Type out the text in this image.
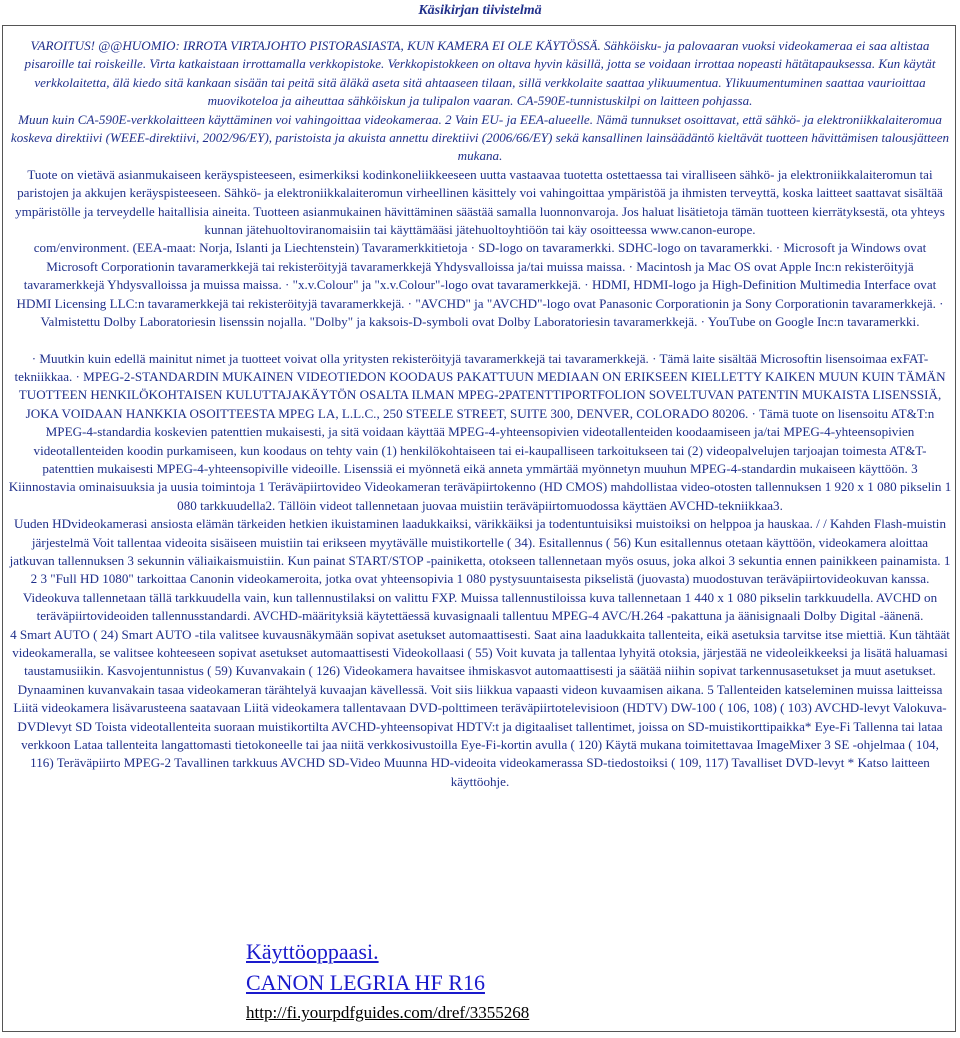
Käsikirjan tiivistelmä

VAROITUS! @@HUOMIO: IRROTA VIRTAJOHTO PISTORASIASTA, KUN KAMERA EI OLE KÄYTÖSSÄ. Sähköisku- ja palovaaran vuoksi videokameraa ei saa altistaa pisaroille tai roiskeille. Virta katkaistaan irrottamalla verkkopistoke. Verkkopistokkeen on oltava hyvin käsillä, jotta se voidaan irrottaa nopeasti hätätapauksessa. Kun käytät verkkolaitetta, älä kiedo sitä kankaan sisään tai peitä sitä äläkä aseta sitä ahtaaseen tilaan, sillä verkkolaite saattaa ylikuumentua. Ylikuumentuminen saattaa vaurioittaa muovikoteloa ja aiheuttaa sähköiskun ja tulipalon vaaran. CA-590E-tunnistuskilpi on laitteen pohjassa.

Muun kuin CA-590E-verkkolaitteen käyttäminen voi vahingoittaa videokameraa. 2 Vain EU- ja EEA-alueelle. Nämä tunnukset osoittavat, että sähkö- ja elektroniikkalaiteromua koskeva direktiivi (WEEE-direktiivi, 2002/96/EY), paristoista ja akuista annettu direktiivi (2006/66/EY) sekä kansallinen lainsäädäntö kieltävät tuotteen hävittämisen talousjätteen mukana.

Tuote on vietävä asianmukaiseen keräyspisteeseen, esimerkiksi kodinkoneliikkeeseen uutta vastaavaa tuotetta ostettaessa tai viralliseen sähkö- ja elektroniikkalaiteromun tai paristojen ja akkujen keräyspisteeseen. Sähkö- ja elektroniikkalaiteromun virheellinen käsittely voi vahingoittaa ympäristöä ja ihmisten terveyttä, koska laitteet saattavat sisältää ympäristölle ja terveydelle haitallisia aineita. Tuotteen asianmukainen hävittäminen säästää samalla luonnonvaroja. Jos haluat lisätietoja tämän tuotteen kierrätyksestä, ota yhteys kunnan jätehuoltoviranomaisiin tai käyttämääsi jätehuoltoyhtiöön tai käy osoitteessa www.canon-europe.

com/environment. (EEA-maat: Norja, Islanti ja Liechtenstein) Tavaramerkkitietoja · SD-logo on tavaramerkki. SDHC-logo on tavaramerkki. · Microsoft ja Windows ovat Microsoft Corporationin tavaramerkkejä tai rekisteröityjä tavaramerkkejä Yhdysvalloissa ja/tai muissa maissa. · Macintosh ja Mac OS ovat Apple Inc:n rekisteröityjä tavaramerkkejä Yhdysvalloissa ja muissa maissa. · "x.v.Colour" ja "x.v.Colour"-logo ovat tavaramerkkejä. · HDMI, HDMI-logo ja High-Definition Multimedia Interface ovat HDMI Licensing LLC:n tavaramerkkejä tai rekisteröityjä tavaramerkkejä. · "AVCHD" ja "AVCHD"-logo ovat Panasonic Corporationin ja Sony Corporationin tavaramerkkejä. · Valmistettu Dolby Laboratoriesin lisenssin nojalla. "Dolby" ja kaksois-D-symboli ovat Dolby Laboratoriesin tavaramerkkejä. · YouTube on Google Inc:n tavaramerkki.

· Muutkin kuin edellä mainitut nimet ja tuotteet voivat olla yritysten rekisteröityjä tavaramerkkejä tai tavaramerkkejä. · Tämä laite sisältää Microsoftin lisensoimaa exFAT-tekniikkaa. · MPEG-2-STANDARDIN MUKAINEN VIDEOTIEDON KOODAUS PAKATTUUN MEDIAAN ON ERIKSEEN KIELLETTY KAIKEN MUUN KUIN TÄMÄN TUOTTEEN HENKILÖKOHTAISEN KULUTTAJAKÄYTÖN OSALTA ILMAN MPEG-2PATENTTIPORTFOLION SOVELTUVAN PATENTIN MUKAISTA LISENSSIÄ, JOKA VOIDAAN HANKKIA OSOITTEESTA MPEG LA, L.L.C., 250 STEELE STREET, SUITE 300, DENVER, COLORADO 80206. · Tämä tuote on lisensoitu AT&T:n MPEG-4-standardia koskevien patenttien mukaisesti, ja sitä voidaan käyttää MPEG-4-yhteensopivien videotallenteiden koodaamiseen ja/tai MPEG-4-yhteensopivien videotallenteiden koodin purkamiseen, kun koodaus on tehty vain (1) henkilökohtaiseen tai ei-kaupalliseen tarkoitukseen tai (2) videopalvelujen tarjoajan toimesta AT&T-patenttien mukaisesti MPEG-4-yhteensopiville videoille. Lisenssiä ei myönnetä eikä anneta ymmärtää myönnetyn muuhun MPEG-4-standardin mukaiseen käyttöön. 3 Kiinnostavia ominaisuuksia ja uusia toimintoja 1 Teräväpiirtovideo Videokameran teräväpiirtokenno (HD CMOS) mahdollistaa video-otosten tallennuksen 1 920 x 1 080 pikselin 1 080 tarkkuudella2. Tällöin videot tallennetaan juovaa muistiin teräväpiirtomuodossa käyttäen AVCHD-tekniikkaa3.

Uuden HDvideokamerasi ansiosta elämän tärkeiden hetkien ikuistaminen laadukkaiksi, värikkäiksi ja todentuntuisiksi muistoiksi on helppoa ja hauskaa. / / Kahden Flash-muistin järjestelmä Voit tallentaa videoita sisäiseen muistiin tai erikseen myytävälle muistikortelle ( 34). Esitallennus ( 56) Kun esitallennus otetaan käyttöön, videokamera aloittaa jatkuvan tallennuksen 3 sekunnin väliaikaismuistiin. Kun painat START/STOP -painiketta, otokseen tallennetaan myös osuus, joka alkoi 3 sekuntia ennen painikkeen painamista. 1 2 3 "Full HD 1080" tarkoittaa Canonin videokameroita, jotka ovat yhteensopivia 1 080 pystysuuntaisesta pikselistä (juovasta) muodostuvan teräväpiirtovideokuvan kanssa.

Videokuva tallennetaan tällä tarkkuudella vain, kun tallennustilaksi on valittu FXP. Muissa tallennustiloissa kuva tallennetaan 1 440 x 1 080 pikselin tarkkuudella. AVCHD on teräväpiirtovideoiden tallennusstandardi. AVCHD-määrityksiä käytettäessä kuvasignaali tallentuu MPEG-4 AVC/H.264 -pakattuna ja äänisignaali Dolby Digital -äänenä.

4 Smart AUTO ( 24) Smart AUTO -tila valitsee kuvausnäkymään sopivat asetukset automaattisesti. Saat aina laadukkaita tallenteita, eikä asetuksia tarvitse itse miettiä. Kun tähtäät videokameralla, se valitsee kohteeseen sopivat asetukset automaattisesti Videokollaasi ( 55) Voit kuvata ja tallentaa lyhyitä otoksia, järjestää ne videoleikkeeksi ja lisätä haluamasi taustamusiikin. Kasvojentunnistus ( 59) Kuvanvakain ( 126) Videokamera havaitsee ihmiskasvot automaattisesti ja säätää niihin sopivat tarkennusasetukset ja muut asetukset. Dynaaminen kuvanvakain tasaa videokameran tärähtelyä kuvaajan kävellessä. Voit siis liikkua vapaasti videon kuvaamisen aikana. 5 Tallenteiden katseleminen muissa laitteissa Liitä videokamera lisävarusteena saatavaan Liitä videokamera tallentavaan DVD-polttimeen teräväpiirtotelevisioon (HDTV) DW-100 ( 106, 108) ( 103) AVCHD-levyt Valokuva-DVDlevyt SD Toista videotallenteita suoraan muistikortilta AVCHD-yhteensopivat HDTV:t ja digitaaliset tallentimet, joissa on SD-muistikorttipaikka* Eye-Fi Tallenna tai lataa verkkoon Lataa tallenteita langattomasti tietokoneelle tai jaa niitä verkkosivustoilla Eye-Fi-kortin avulla ( 120) Käytä mukana toimitettavaa ImageMixer 3 SE -ohjelmaa ( 104, 116) Teräväpiirto MPEG-2 Tavallinen tarkkuus AVCHD SD-Video Muunna HD-videoita videokamerassa SD-tiedostoiksi ( 109, 117) Tavalliset DVD-levyt * Katso laitteen käyttöohje.

Käyttöoppaasi.
CANON LEGRIA HF R16
http://fi.yourpdfguides.com/dref/3355268
